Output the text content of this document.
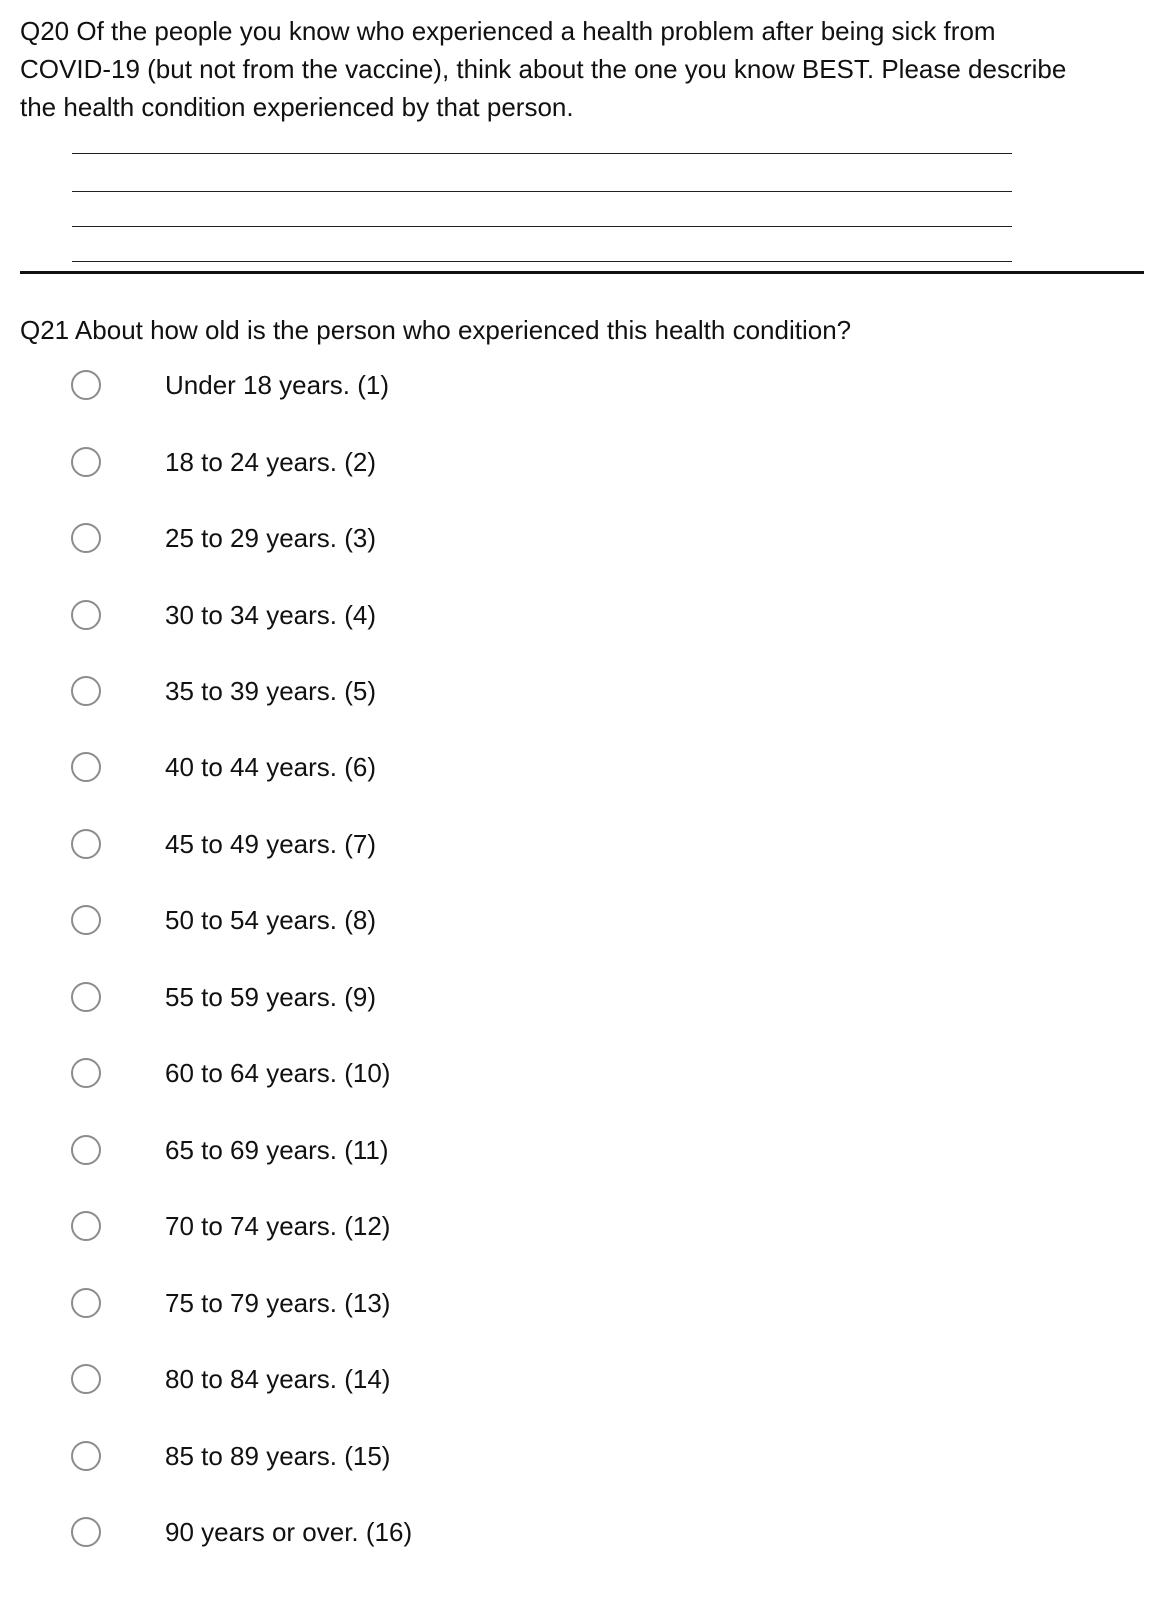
Q20 Of the people you know who experienced a health problem after being sick from COVID-19 (but not from the vaccine), think about the one you know BEST. Please describe the health condition experienced by that person.

Q21 About how old is the person who experienced this health condition?

Under 18 years. (1)
18 to 24 years. (2)
25 to 29 years. (3)
30 to 34 years. (4)
35 to 39 years. (5)
40 to 44 years. (6)
45 to 49 years. (7)
50 to 54 years. (8)
55 to 59 years. (9)
60 to 64 years. (10)
65 to 69 years. (11)
70 to 74 years. (12)
75 to 79 years. (13)
80 to 84 years. (14)
85 to 89 years. (15)
90 years or over. (16)
